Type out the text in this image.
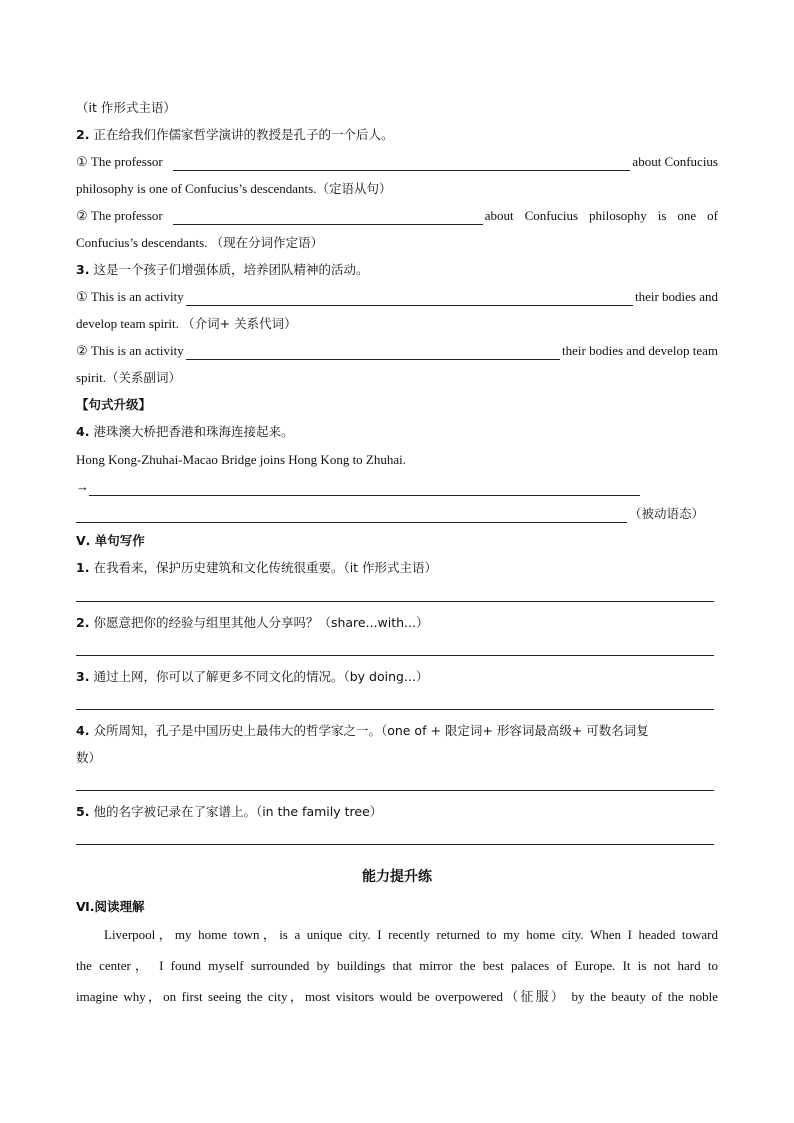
（it 作形式主语）
2. 正在给我们作儒家哲学演讲的教授是孔子的一个后人。
①
The professor	about Confucius
philosophy is one of Confucius’s descendants.（定语从句）
②
The professor	about Confucius philosophy is one of
Confucius’s descendants. （现在分词作定语）
3. 这是一个孩子们增强体质，培养团队精神的活动。
①
This is an activity	their bodies and
develop team spirit. （介词+ 关系代词）
②
This is an activity	their bodies and develop team
spirit.（关系副词）
【句式升级】
4. 港珠澳大桥把香港和珠海连接起来。
Hong Kong-Zhuhai-Macao Bridge joins Hong Kong to Zhuhai.
→
（被动语态）
Ⅴ. 单句写作
1. 在我看来，保护历史建筑和文化传统很重要。（it 作形式主语）
2. 你愿意把你的经验与组里其他人分享吗？（share...with...）
3. 通过上网，你可以了解更多不同文化的情况。（by doing...）
4. 众所周知，孔子是中国历史上最伟大的哲学家之一。（one of + 限定词+ 形容词最高级+ 可数名词复
数）
5. 他的名字被记录在了家谱上。（in the family tree）
能力提升练
Ⅵ.阅读理解
Liverpool，my home town，is a unique city. I recently returned to my home city. When I headed toward
the center， I found myself surrounded by buildings that mirror the best palaces of Europe. It is not hard to
imagine why，on first seeing the city，most visitors would be overpowered（征服） by the beauty of the noble
